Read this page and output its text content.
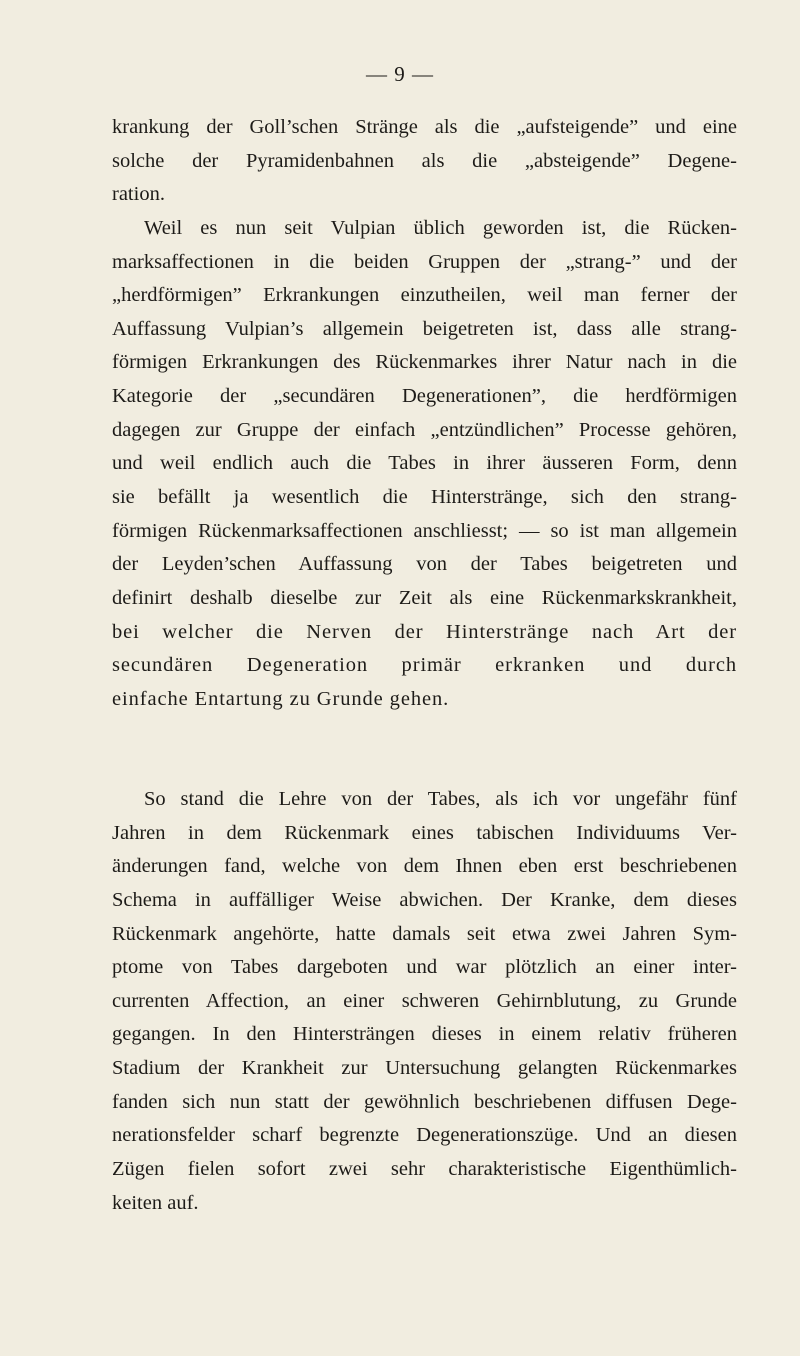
— 9 —
krankung der Goll’schen Stränge als die „aufsteigende” und eine
solche der Pyramidenbahnen als die „absteigende” Degene-
ration.
Weil es nun seit Vulpian üblich geworden ist, die Rücken-
marksaffectionen in die beiden Gruppen der „strang-” und der
„herdförmigen” Erkrankungen einzutheilen, weil man ferner der
Auffassung Vulpian’s allgemein beigetreten ist, dass alle strang-
förmigen Erkrankungen des Rückenmarkes ihrer Natur nach in die
Kategorie der „secundären Degenerationen”, die herdförmigen
dagegen zur Gruppe der einfach „entzündlichen” Processe gehören,
und weil endlich auch die Tabes in ihrer äusseren Form, denn
sie befällt ja wesentlich die Hinterstränge, sich den strang-
förmigen Rückenmarksaffectionen anschliesst; — so ist man allgemein
der Leyden’schen Auffassung von der Tabes beigetreten und
definirt deshalb dieselbe zur Zeit als eine Rückenmarkskrankheit,
bei welcher die Nerven der Hinterstränge nach Art der
secundären Degeneration primär erkranken und durch
einfache Entartung zu Grunde gehen.
So stand die Lehre von der Tabes, als ich vor ungefähr fünf
Jahren in dem Rückenmark eines tabischen Individuums Ver-
änderungen fand, welche von dem Ihnen eben erst beschriebenen
Schema in auffälliger Weise abwichen. Der Kranke, dem dieses
Rückenmark angehörte, hatte damals seit etwa zwei Jahren Sym-
ptome von Tabes dargeboten und war plötzlich an einer inter-
currenten Affection, an einer schweren Gehirnblutung, zu Grunde
gegangen. In den Hintersträngen dieses in einem relativ früheren
Stadium der Krankheit zur Untersuchung gelangten Rückenmarkes
fanden sich nun statt der gewöhnlich beschriebenen diffusen Dege-
nerationsfelder scharf begrenzte Degenerationszüge. Und an diesen
Zügen fielen sofort zwei sehr charakteristische Eigenthümlich-
keiten auf.
